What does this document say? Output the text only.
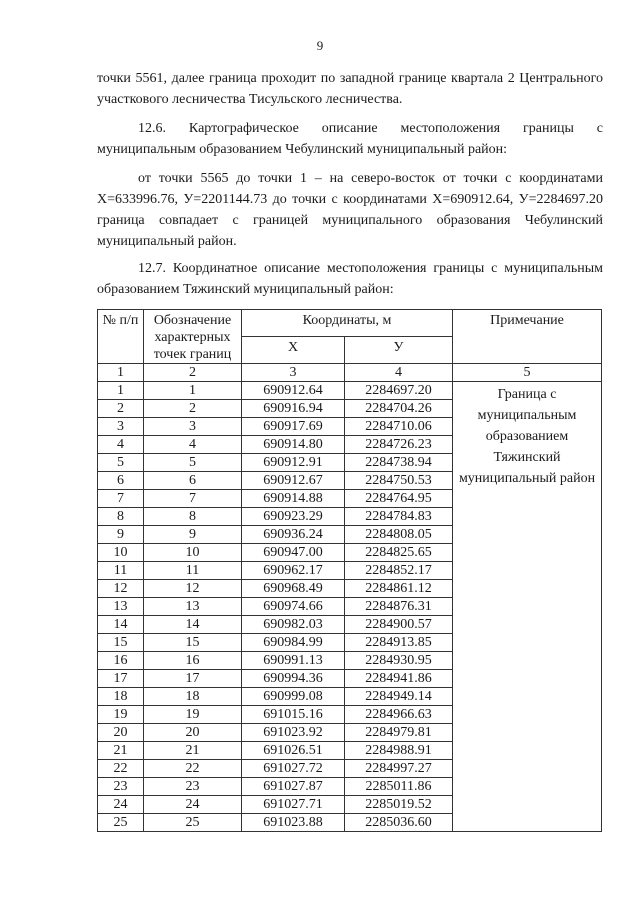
9

точки 5561, далее граница проходит по западной границе квартала 2 Центрального участкового лесничества Тисульского лесничества.

12.6. Картографическое описание местоположения границы с муниципальным образованием Чебулинский муниципальный район:

от точки 5565 до точки 1 – на северо-восток от точки с координатами Х=633996.76, У=2201144.73 до точки с координатами Х=690912.64, У=2284697.20 граница совпадает с границей муниципального образования Чебулинский муниципальный район.

12.7. Координатное описание местоположения границы с муниципальным образованием Тяжинский муниципальный район:

№ п/п	Обозначение характерных точек границ	Координаты, м		Примечание
		Х	У	
1	2	3	4	5
1	1	690912.64	2284697.20	Граница с муниципальным образованием Тяжинский муниципальный район
2	2	690916.94	2284704.26	
3	3	690917.69	2284710.06	
4	4	690914.80	2284726.23	
5	5	690912.91	2284738.94	
6	6	690912.67	2284750.53	
7	7	690914.88	2284764.95	
8	8	690923.29	2284784.83	
9	9	690936.24	2284808.05	
10	10	690947.00	2284825.65	
11	11	690962.17	2284852.17	
12	12	690968.49	2284861.12	
13	13	690974.66	2284876.31	
14	14	690982.03	2284900.57	
15	15	690984.99	2284913.85	
16	16	690991.13	2284930.95	
17	17	690994.36	2284941.86	
18	18	690999.08	2284949.14	
19	19	691015.16	2284966.63	
20	20	691023.92	2284979.81	
21	21	691026.51	2284988.91	
22	22	691027.72	2284997.27	
23	23	691027.87	2285011.86	
24	24	691027.71	2285019.52	
25	25	691023.88	2285036.60	
